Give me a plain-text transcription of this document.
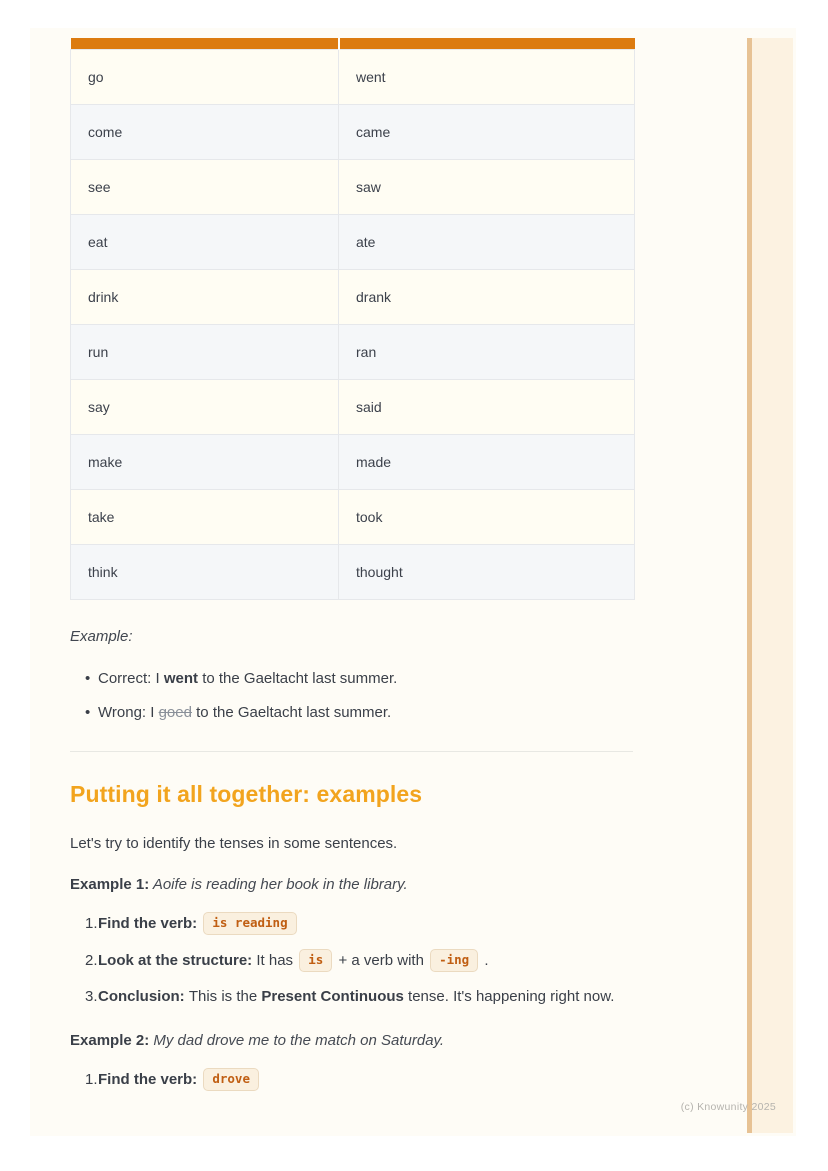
go	went
come	came
see	saw
eat	ate
drink	drank
run	ran
say	said
make	made
take	took
think	thought

Example:

• Correct: I went to the Gaeltacht last summer.
• Wrong: I goed to the Gaeltacht last summer.
Putting it all together: examples

Let's try to identify the tenses in some sentences.

Example 1: Aoife is reading her book in the library.

1. Find the verb: is reading
2. Look at the structure: It has is + a verb with -ing .
3. Conclusion: This is the Present Continuous tense. It's happening right now.

Example 2: My dad drove me to the match on Saturday.

1. Find the verb: drove
(c) Knowunity 2025
